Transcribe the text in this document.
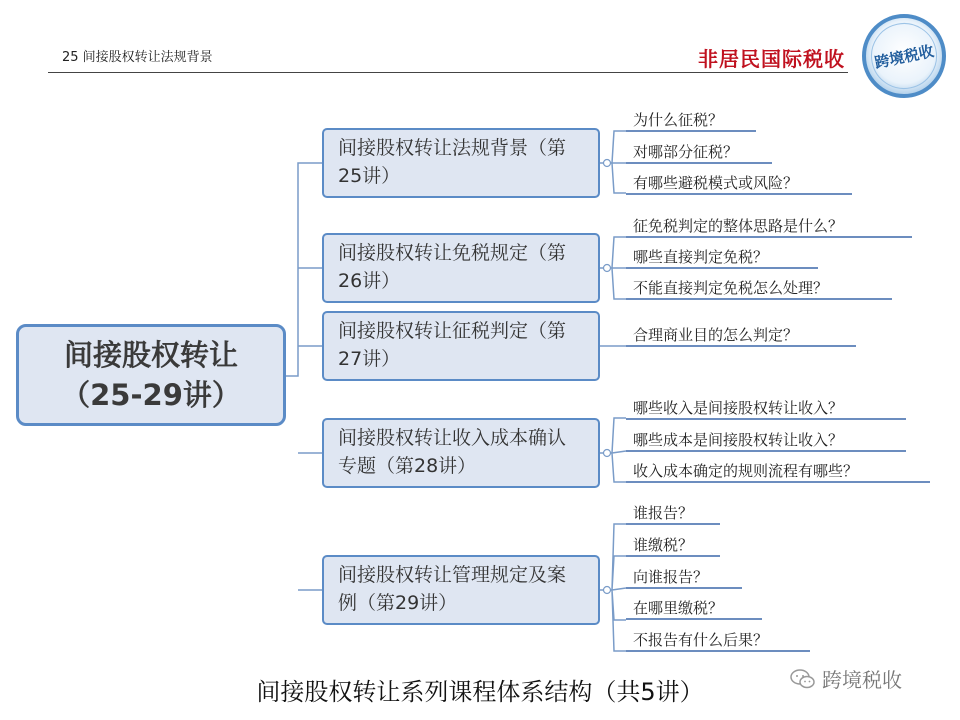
25 间接股权转让法规背景	非居民国际税收	跨境税收
间接股权转让
（25-29讲）
间接股权转让法规背景（第25讲）
间接股权转让免税规定（第26讲）
间接股权转让征税判定（第27讲）
间接股权转让收入成本确认专题（第28讲）
间接股权转让管理规定及案例（第29讲）
为什么征税？
对哪部分征税？
有哪些避税模式或风险？
征免税判定的整体思路是什么？
哪些直接判定免税？
不能直接判定免税怎么处理？
合理商业目的怎么判定？
哪些收入是间接股权转让收入？
哪些成本是间接股权转让收入？
收入成本确定的规则流程有哪些？
谁报告？
谁缴税？
向谁报告？
在哪里缴税？
不报告有什么后果？
间接股权转让系列课程体系结构（共5讲）	跨境税收
